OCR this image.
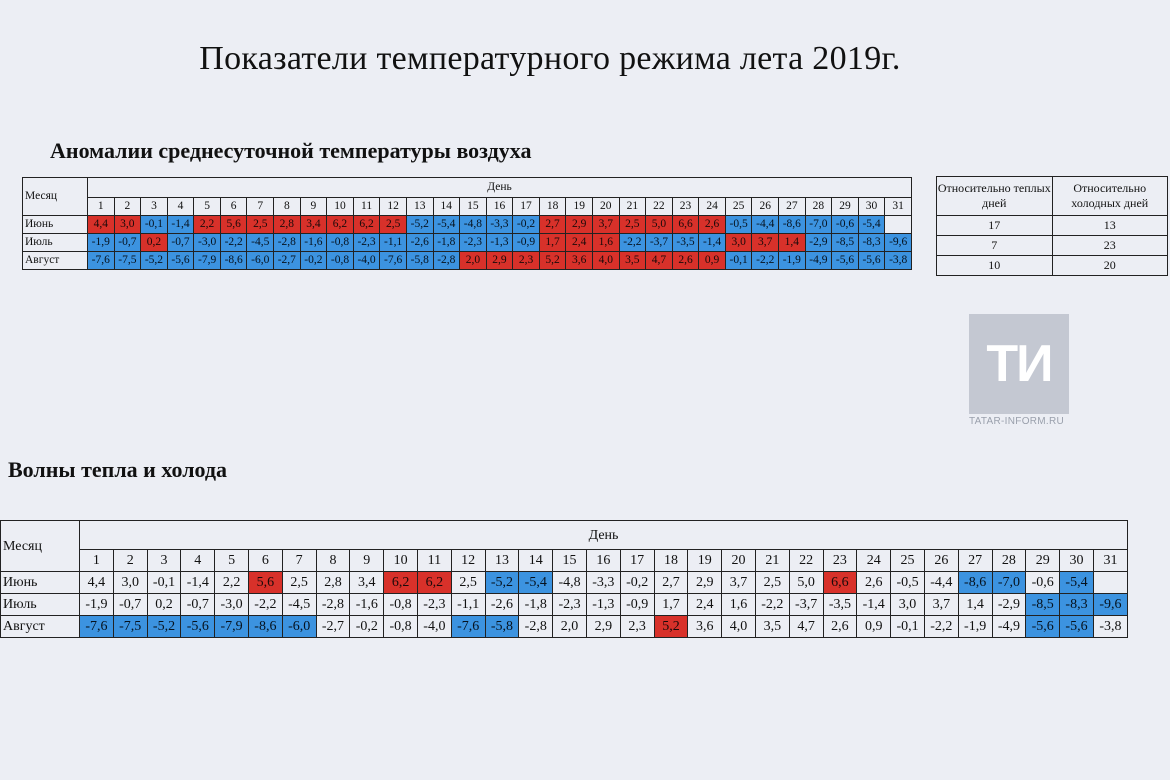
Показатели температурного режима лета 2019г.
Аномалии среднесуточной температуры воздуха
Волны тепла и холода
Месяц	День																														
	1	2	3	4	5	6	7	8	9	10	11	12	13	14	15	16	17	18	19	20	21	22	23	24	25	26	27	28	29	30	31
Июнь	4,4	3,0	-0,1	-1,4	2,2	5,6	2,5	2,8	3,4	6,2	6,2	2,5	-5,2	-5,4	-4,8	-3,3	-0,2	2,7	2,9	3,7	2,5	5,0	6,6	2,6	-0,5	-4,4	-8,6	-7,0	-0,6	-5,4	
Июль	-1,9	-0,7	0,2	-0,7	-3,0	-2,2	-4,5	-2,8	-1,6	-0,8	-2,3	-1,1	-2,6	-1,8	-2,3	-1,3	-0,9	1,7	2,4	1,6	-2,2	-3,7	-3,5	-1,4	3,0	3,7	1,4	-2,9	-8,5	-8,3	-9,6
Август	-7,6	-7,5	-5,2	-5,6	-7,9	-8,6	-6,0	-2,7	-0,2	-0,8	-4,0	-7,6	-5,8	-2,8	2,0	2,9	2,3	5,2	3,6	4,0	3,5	4,7	2,6	0,9	-0,1	-2,2	-1,9	-4,9	-5,6	-5,6	-3,8
Месяц	День																														
	1	2	3	4	5	6	7	8	9	10	11	12	13	14	15	16	17	18	19	20	21	22	23	24	25	26	27	28	29	30	31
Июнь	4,4	3,0	-0,1	-1,4	2,2	5,6	2,5	2,8	3,4	6,2	6,2	2,5	-5,2	-5,4	-4,8	-3,3	-0,2	2,7	2,9	3,7	2,5	5,0	6,6	2,6	-0,5	-4,4	-8,6	-7,0	-0,6	-5,4	
Июль	-1,9	-0,7	0,2	-0,7	-3,0	-2,2	-4,5	-2,8	-1,6	-0,8	-2,3	-1,1	-2,6	-1,8	-2,3	-1,3	-0,9	1,7	2,4	1,6	-2,2	-3,7	-3,5	-1,4	3,0	3,7	1,4	-2,9	-8,5	-8,3	-9,6
Август	-7,6	-7,5	-5,2	-5,6	-7,9	-8,6	-6,0	-2,7	-0,2	-0,8	-4,0	-7,6	-5,8	-2,8	2,0	2,9	2,3	5,2	3,6	4,0	3,5	4,7	2,6	0,9	-0,1	-2,2	-1,9	-4,9	-5,6	-5,6	-3,8
Относительно теплых дней	Относительно холодных дней
17	13
7	23
10	20
ТИ
TATAR-INFORM.RU
